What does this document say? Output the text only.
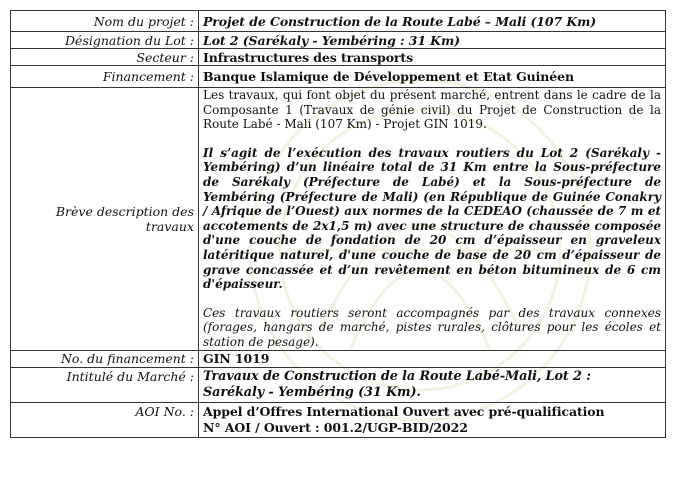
Nom du projet :	Projet de Construction de la Route Labé – Mali (107 Km)
Désignation du Lot :	Lot 2 (Sarékaly - Yembéring : 31 Km)
Secteur :	Infrastructures des transports
Financement :	Banque Islamique de Développement et Etat Guinéen
Brève description des travaux	Les travaux, qui font objet du présent marché, entrent dans le cadre de la Composante 1 (Travaux de génie civil) du Projet de Construction de la Route Labé - Mali (107 Km) - Projet GIN 1019.

Il s’agit de l’exécution des travaux routiers du Lot 2 (Sarékaly - Yembéring) d’un linéaire total de 31 Km entre la Sous-préfecture de Sarékaly (Préfecture de Labé) et la Sous-préfecture de Yembéring (Préfecture de Mali) (en République de Guinée Conakry / Afrique de l’Ouest) aux normes de la CEDEAO (chaussée de 7 m et accotements de 2x1,5 m) avec une structure de chaussée composée d'une couche de fondation de 20 cm d’épaisseur en graveleux latéritique naturel, d'une couche de base de 20 cm d’épaisseur de grave concassée et d’un revêtement en béton bitumineux de 6 cm d'épaisseur.

Ces travaux routiers seront accompagnés par des travaux connexes (forages, hangars de marché, pistes rurales, clôtures pour les écoles et station de pesage).

No. du financement :	GIN 1019
Intitulé du Marché :	Travaux de Construction de la Route Labé-Mali, Lot 2 :
Sarékaly - Yembéring (31 Km).

AOI No. :	Appel d’Offres International Ouvert avec pré-qualification
N° AOI / Ouvert : 001.2/UGP-BID/2022
